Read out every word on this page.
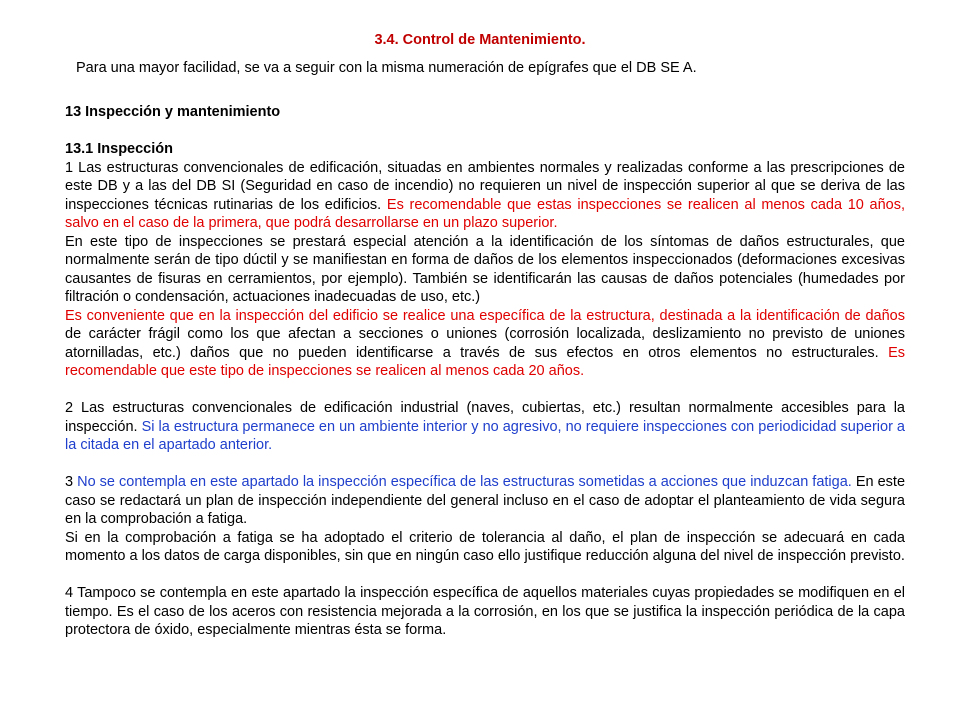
3.4. Control de Mantenimiento.
Para una mayor facilidad, se va a seguir con la misma numeración de epígrafes que el DB SE A.

13 Inspección y mantenimiento

13.1 Inspección

1 Las estructuras convencionales de edificación, situadas en ambientes normales y realizadas conforme a las prescripciones de este DB y a las del DB SI (Seguridad en caso de incendio) no requieren un nivel de inspección superior al que se deriva de las inspecciones técnicas rutinarias de los edificios. Es recomendable que estas inspecciones se realicen al menos cada 10 años, salvo en el caso de la primera, que podrá desarrollarse en un plazo superior.

En este tipo de inspecciones se prestará especial atención a la identificación de los síntomas de daños estructurales, que normalmente serán de tipo dúctil y se manifiestan en forma de daños de los elementos inspeccionados (deformaciones excesivas causantes de fisuras en cerramientos, por ejemplo). También se identificarán las causas de daños potenciales (humedades por filtración o condensación, actuaciones inadecuadas de uso, etc.)

Es conveniente que en la inspección del edificio se realice una específica de la estructura, destinada a la identificación de daños de carácter frágil como los que afectan a secciones o uniones (corrosión localizada, deslizamiento no previsto de uniones atornilladas, etc.) daños que no pueden identificarse a través de sus efectos en otros elementos no estructurales. Es recomendable que este tipo de inspecciones se realicen al menos cada 20 años.

2 Las estructuras convencionales de edificación industrial (naves, cubiertas, etc.) resultan normalmente accesibles para la inspección. Si la estructura permanece en un ambiente interior y no agresivo, no requiere inspecciones con periodicidad superior a la citada en el apartado anterior.

3 No se contempla en este apartado la inspección específica de las estructuras sometidas a acciones que induzcan fatiga. En este caso se redactará un plan de inspección independiente del general incluso en el caso de adoptar el planteamiento de vida segura en la comprobación a fatiga.

Si en la comprobación a fatiga se ha adoptado el criterio de tolerancia al daño, el plan de inspección se adecuará en cada momento a los datos de carga disponibles, sin que en ningún caso ello justifique reducción alguna del nivel de inspección previsto.

4 Tampoco se contempla en este apartado la inspección específica de aquellos materiales cuyas propiedades se modifiquen en el tiempo. Es el caso de los aceros con resistencia mejorada a la corrosión, en los que se justifica la inspección periódica de la capa protectora de óxido, especialmente mientras ésta se forma.
